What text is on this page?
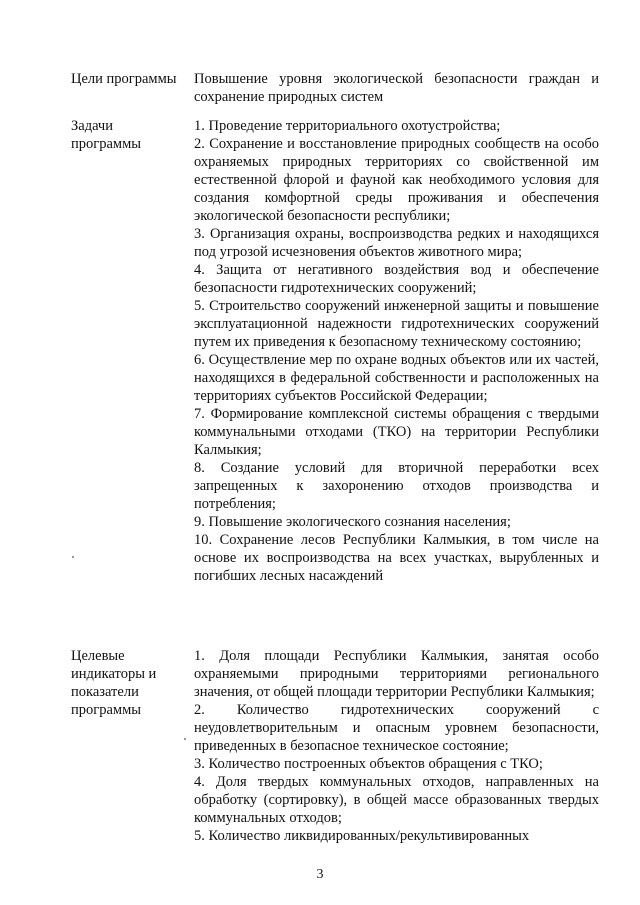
Цели программы	Повышение уровня экологической безопасности граждан и сохранение природных систем

Задачи
программы

1. Проведение территориального охотустройства;

2. Сохранение и восстановление природных сообществ на особо охраняемых природных территориях со свойственной им естественной флорой и фауной как необходимого условия для создания комфортной среды проживания и обеспечения экологической безопасности республики;

3. Организация охраны, воспроизводства редких и находящихся под угрозой исчезновения объектов животного мира;

4. Защита от негативного воздействия вод и обеспечение безопасности гидротехнических сооружений;

5. Строительство сооружений инженерной защиты и повышение эксплуатационной надежности гидротехнических сооружений путем их приведения к безопасному техническому состоянию;

6. Осуществление мер по охране водных объектов или их частей, находящихся в федеральной собственности и расположенных на территориях субъектов Российской Федерации;

7. Формирование комплексной системы обращения с твердыми коммунальными отходами (ТКО) на территории Республики Калмыкия;

8. Создание условий для вторичной переработки всех запрещенных к захоронению отходов производства и потребления;

9. Повышение экологического сознания населения;

10. Сохранение лесов Республики Калмыкия, в том числе на основе их воспроизводства на всех участках, вырубленных и погибших лесных насаждений

Целевые
индикаторы и
показатели
программы

1. Доля площади Республики Калмыкия, занятая особо охраняемыми природными территориями регионального значения, от общей площади территории Республики Калмыкия;

2. Количество гидротехнических сооружений с неудовлетворительным и опасным уровнем безопасности, приведенных в безопасное техническое состояние;

3. Количество построенных объектов обращения с ТКО;

4. Доля твердых коммунальных отходов, направленных на обработку (сортировку), в общей массе образованных твердых коммунальных отходов;

5. Количество ликвидированных/рекультивированных

3
